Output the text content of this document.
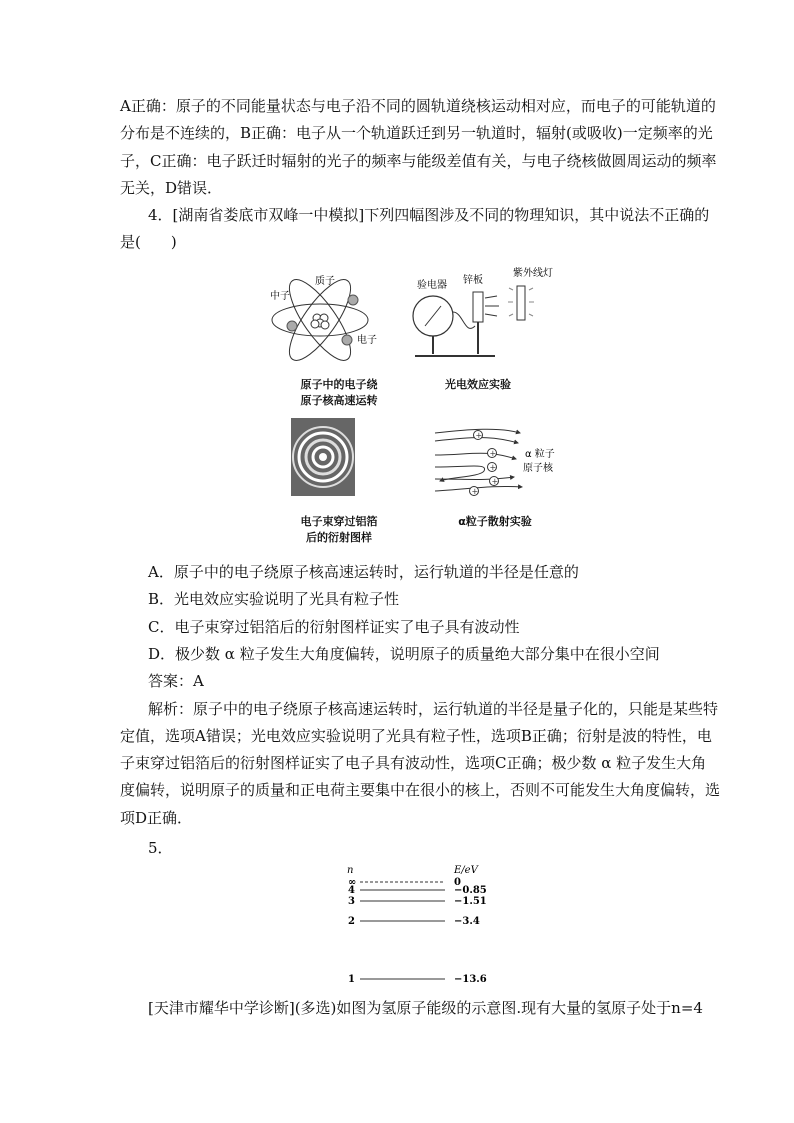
A正确：原子的不同能量状态与电子沿不同的圆轨道绕核运动相对应，而电子的可能轨道的
分布是不连续的，B正确：电子从一个轨道跃迁到另一轨道时，辐射(或吸收)一定频率的光
子，C正确：电子跃迁时辐射的光子的频率与能级差值有关，与电子绕核做圆周运动的频率
无关，D错误．
4．[湖南省娄底市双峰一中模拟]下列四幅图涉及不同的物理知识，其中说法不正确的
是(　　)
质子
中子
电子
原子中的电子绕
原子核高速运转
验电器 锌板
紫外线灯
光电效应实验
电子束穿过铝箔
后的衍射图样
+
+
+
+
+
α 粒子
原子核
α粒子散射实验
A．原子中的电子绕原子核高速运转时，运行轨道的半径是任意的
B．光电效应实验说明了光具有粒子性
C．电子束穿过铝箔后的衍射图样证实了电子具有波动性
D．极少数 α 粒子发生大角度偏转，说明原子的质量绝大部分集中在很小空间
答案：A
解析：原子中的电子绕原子核高速运转时，运行轨道的半径是量子化的，只能是某些特
定值，选项A错误；光电效应实验说明了光具有粒子性，选项B正确；衍射是波的特性，电
子束穿过铝箔后的衍射图样证实了电子具有波动性，选项C正确；极少数 α 粒子发生大角
度偏转，说明原子的质量和正电荷主要集中在很小的核上，否则不可能发生大角度偏转，选
项D正确．
5．
n	E/eV
∞	0
4	−0.85
3	−1.51
2	−3.4
1	−13.6
[天津市耀华中学诊断](多选)如图为氢原子能级的示意图.现有大量的氢原子处于n=4
